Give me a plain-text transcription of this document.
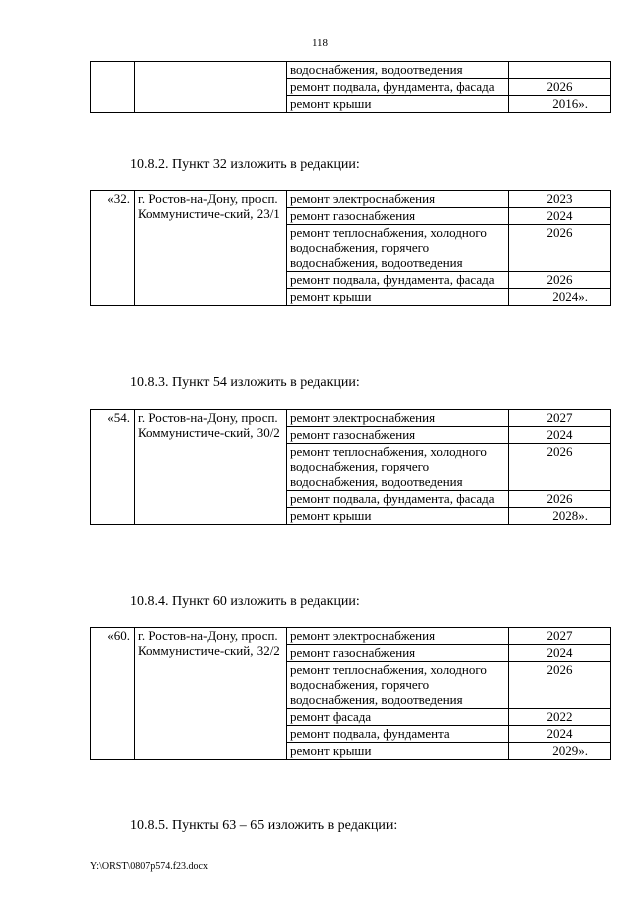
118
		водоснабжения, водоотведения	
		ремонт подвала, фундамента, фасада	2026
		ремонт крыши	2016».
10.8.2. Пункт 32 изложить в редакции:
«32.	г. Ростов-на-Дону, просп. Коммунистиче-ский, 23/1	ремонт электроснабжения	2023
		ремонт газоснабжения	2024
		ремонт теплоснабжения, холодного водоснабжения, горячего водоснабжения, водоотведения	2026
		ремонт подвала, фундамента, фасада	2026
		ремонт крыши	2024».
10.8.3. Пункт 54 изложить в редакции:
«54.	г. Ростов-на-Дону, просп. Коммунистиче-ский, 30/2	ремонт электроснабжения	2027
		ремонт газоснабжения	2024
		ремонт теплоснабжения, холодного водоснабжения, горячего водоснабжения, водоотведения	2026
		ремонт подвала, фундамента, фасада	2026
		ремонт крыши	2028».
10.8.4. Пункт 60 изложить в редакции:
«60.	г. Ростов-на-Дону, просп. Коммунистиче-ский, 32/2	ремонт электроснабжения	2027
		ремонт газоснабжения	2024
		ремонт теплоснабжения, холодного водоснабжения, горячего водоснабжения, водоотведения	2026
		ремонт фасада	2022
		ремонт подвала, фундамента	2024
		ремонт крыши	2029».
10.8.5. Пункты 63 – 65 изложить в редакции:
Y:\ORST\0807p574.f23.docx
